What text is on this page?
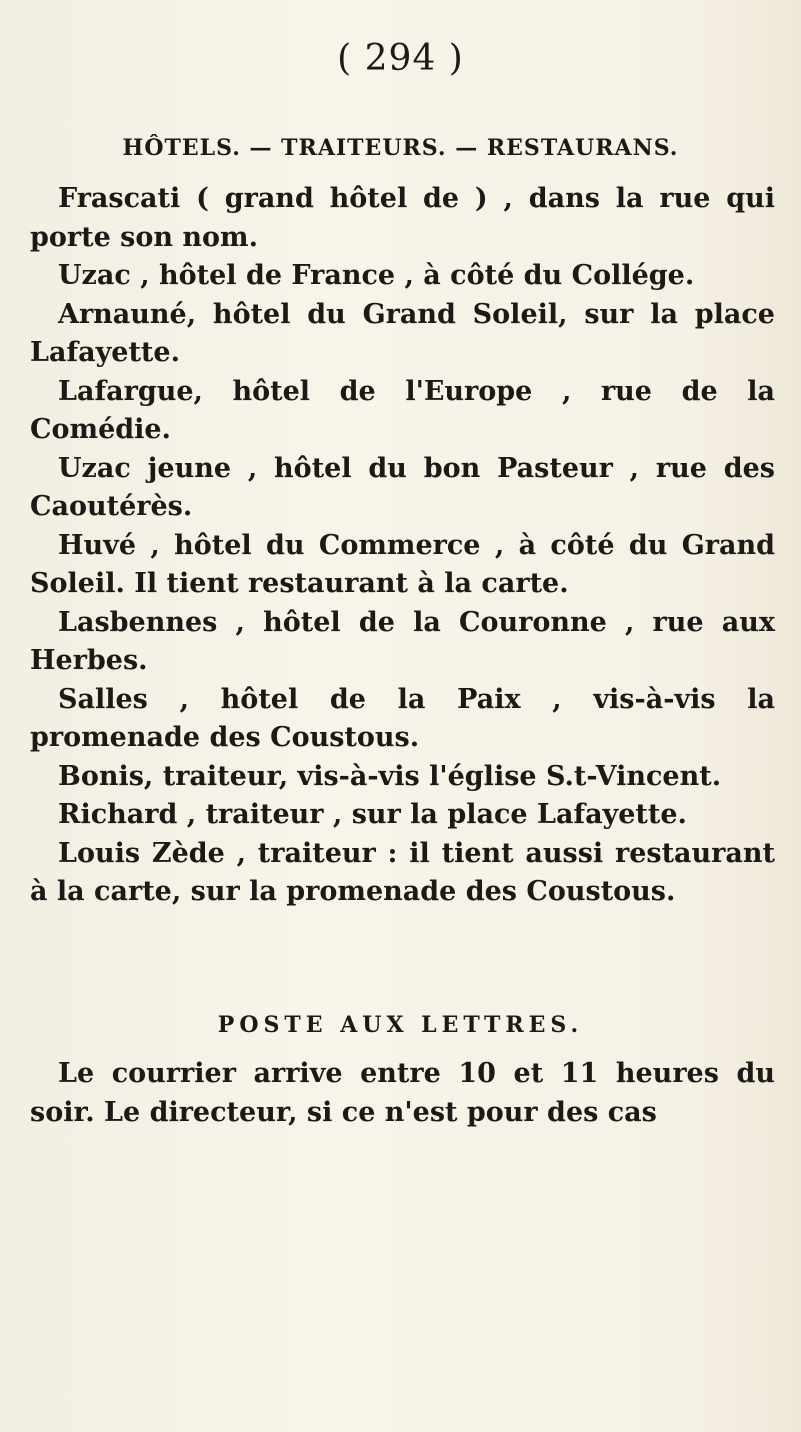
( 294 )
HÔTELS. — TRAITEURS. — RESTAURANS.

Frascati ( grand hôtel de ) , dans la rue qui porte son nom.

Uzac , hôtel de France , à côté du Collége.

Arnauné, hôtel du Grand Soleil, sur la place Lafayette.

Lafargue, hôtel de l'Europe , rue de la Comédie.

Uzac jeune , hôtel du bon Pasteur , rue des Caoutérès.

Huvé , hôtel du Commerce , à côté du Grand Soleil. Il tient restaurant à la carte.

Lasbennes , hôtel de la Couronne , rue aux Herbes.

Salles , hôtel de la Paix , vis-à-vis la promenade des Coustous.

Bonis, traiteur, vis-à-vis l'église S.t-Vincent.

Richard , traiteur , sur la place Lafayette.

Louis Zède , traiteur : il tient aussi restaurant à la carte, sur la promenade des Coustous.

POSTE AUX LETTRES.

Le courrier arrive entre 10 et 11 heures du soir. Le directeur, si ce n'est pour des cas
